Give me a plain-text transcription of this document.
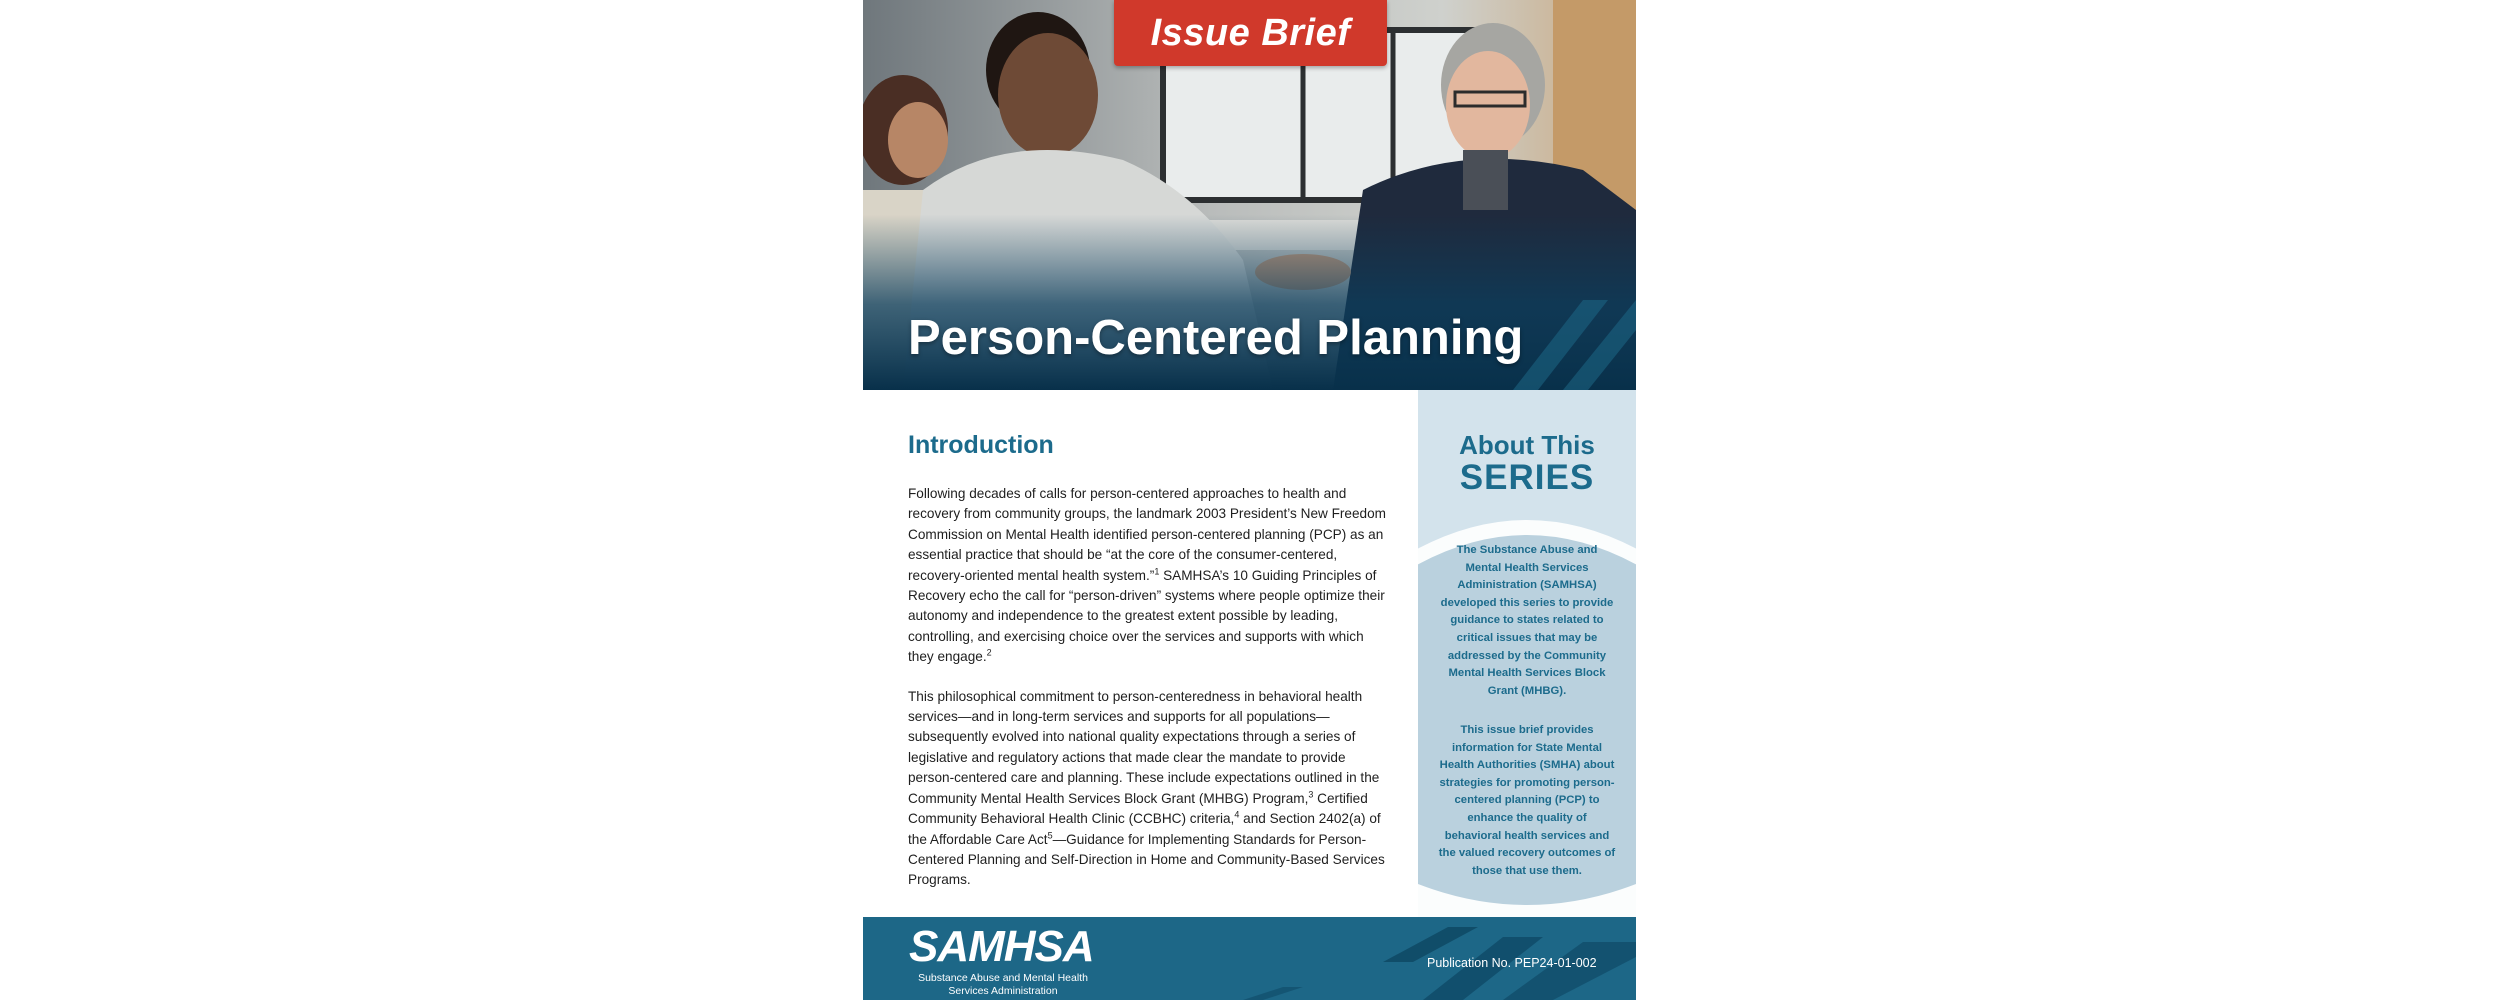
Issue Brief
Person-Centered Planning
Introduction

Following decades of calls for person-centered approaches to health and recovery from community groups, the landmark 2003 President’s New Freedom Commission on Mental Health identified person-centered planning (PCP) as an essential practice that should be “at the core of the consumer-centered, recovery-oriented mental health system.”$^1$ SAMHSA’s 10 Guiding Principles of Recovery echo the call for “person-driven” systems where people optimize their autonomy and independence to the greatest extent possible by leading, controlling, and exercising choice over the services and supports with which they engage.$^2$

This philosophical commitment to person-centeredness in behavioral health services—and in long-term services and supports for all populations—subsequently evolved into national quality expectations through a series of legislative and regulatory actions that made clear the mandate to provide person-centered care and planning. These include expectations outlined in the Community Mental Health Services Block Grant (MHBG) Program,$^3$ Certified Community Behavioral Health Clinic (CCBHC) criteria,$^4$ and Section 2402(a) of the Affordable Care Act$^5$—Guidance for Implementing Standards for Person-Centered Planning and Self-Direction in Home and Community-Based Services Programs.

About This
SERIES

The Substance Abuse and Mental Health Services Administration (SAMHSA) developed this series to provide guidance to states related to critical issues that may be addressed by the Community Mental Health Services Block Grant (MHBG).

This issue brief provides information for State Mental Health Authorities (SMHA) about strategies for promoting person-centered planning (PCP) to enhance the quality of behavioral health services and the valued recovery outcomes of those that use them.

SAMHSA
Substance Abuse and Mental Health Services Administration
Publication No. PEP24-01-002
